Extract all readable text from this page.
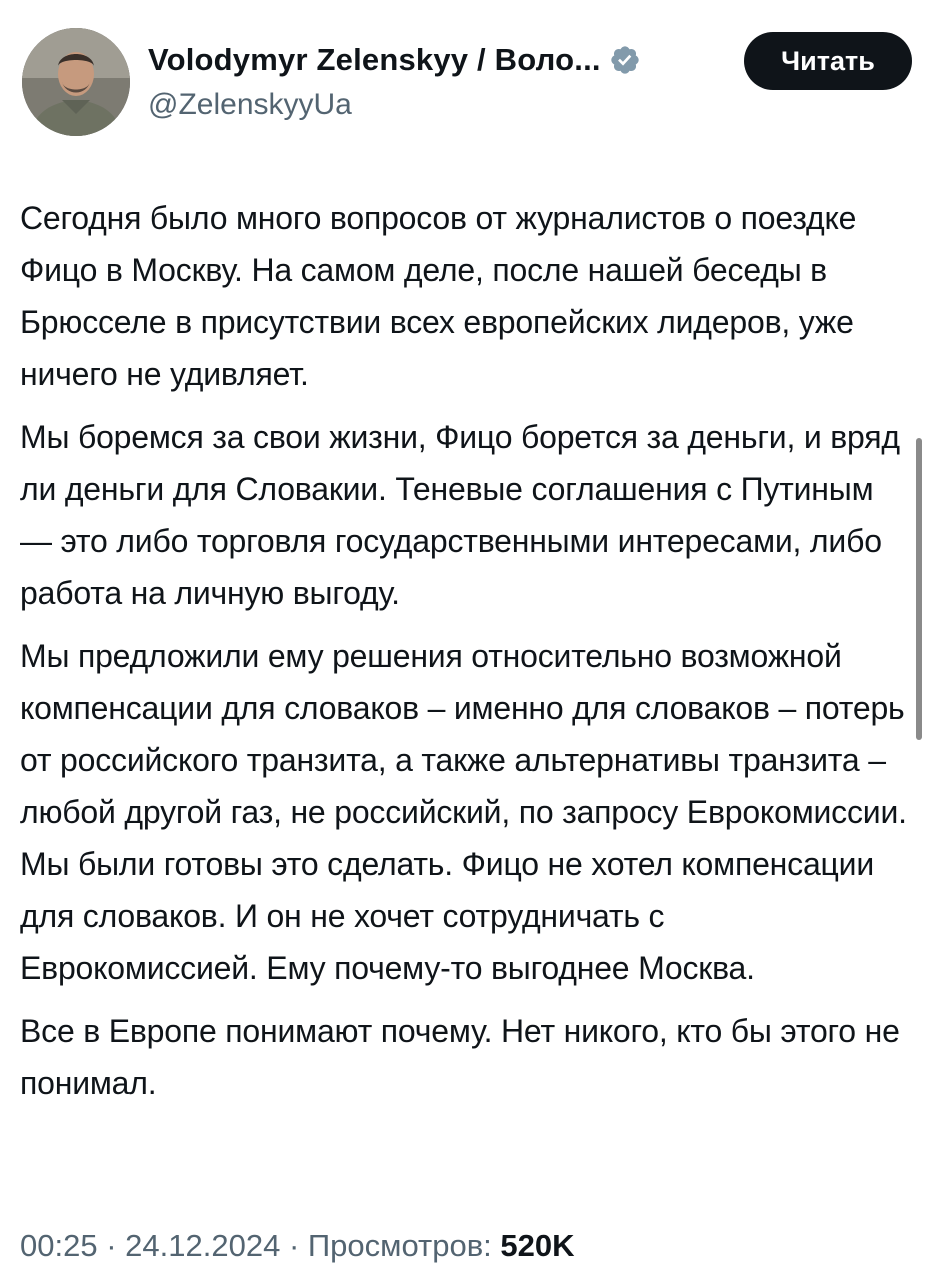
Volodymyr Zelenskyy / Воло...
@ZelenskyyUa
Читать

Сегодня было много вопросов от журналистов о поездке Фицо в Москву. На самом деле, после нашей беседы в Брюсселе в присутствии всех европейских лидеров, уже ничего не удивляет.

Мы боремся за свои жизни, Фицо борется за деньги, и вряд ли деньги для Словакии. Теневые соглашения с Путиным — это либо торговля государственными интересами, либо работа на личную выгоду.

Мы предложили ему решения относительно возможной компенсации для словаков – именно для словаков – потерь от российского транзита, а также альтернативы транзита – любой другой газ, не российский, по запросу Еврокомиссии. Мы были готовы это сделать. Фицо не хотел компенсации для словаков. И он не хочет сотрудничать с Еврокомиссией. Ему почему-то выгоднее Москва.

Все в Европе понимают почему. Нет никого, кто бы этого не понимал.

00:25 · 24.12.2024 · Просмотров: 520K
